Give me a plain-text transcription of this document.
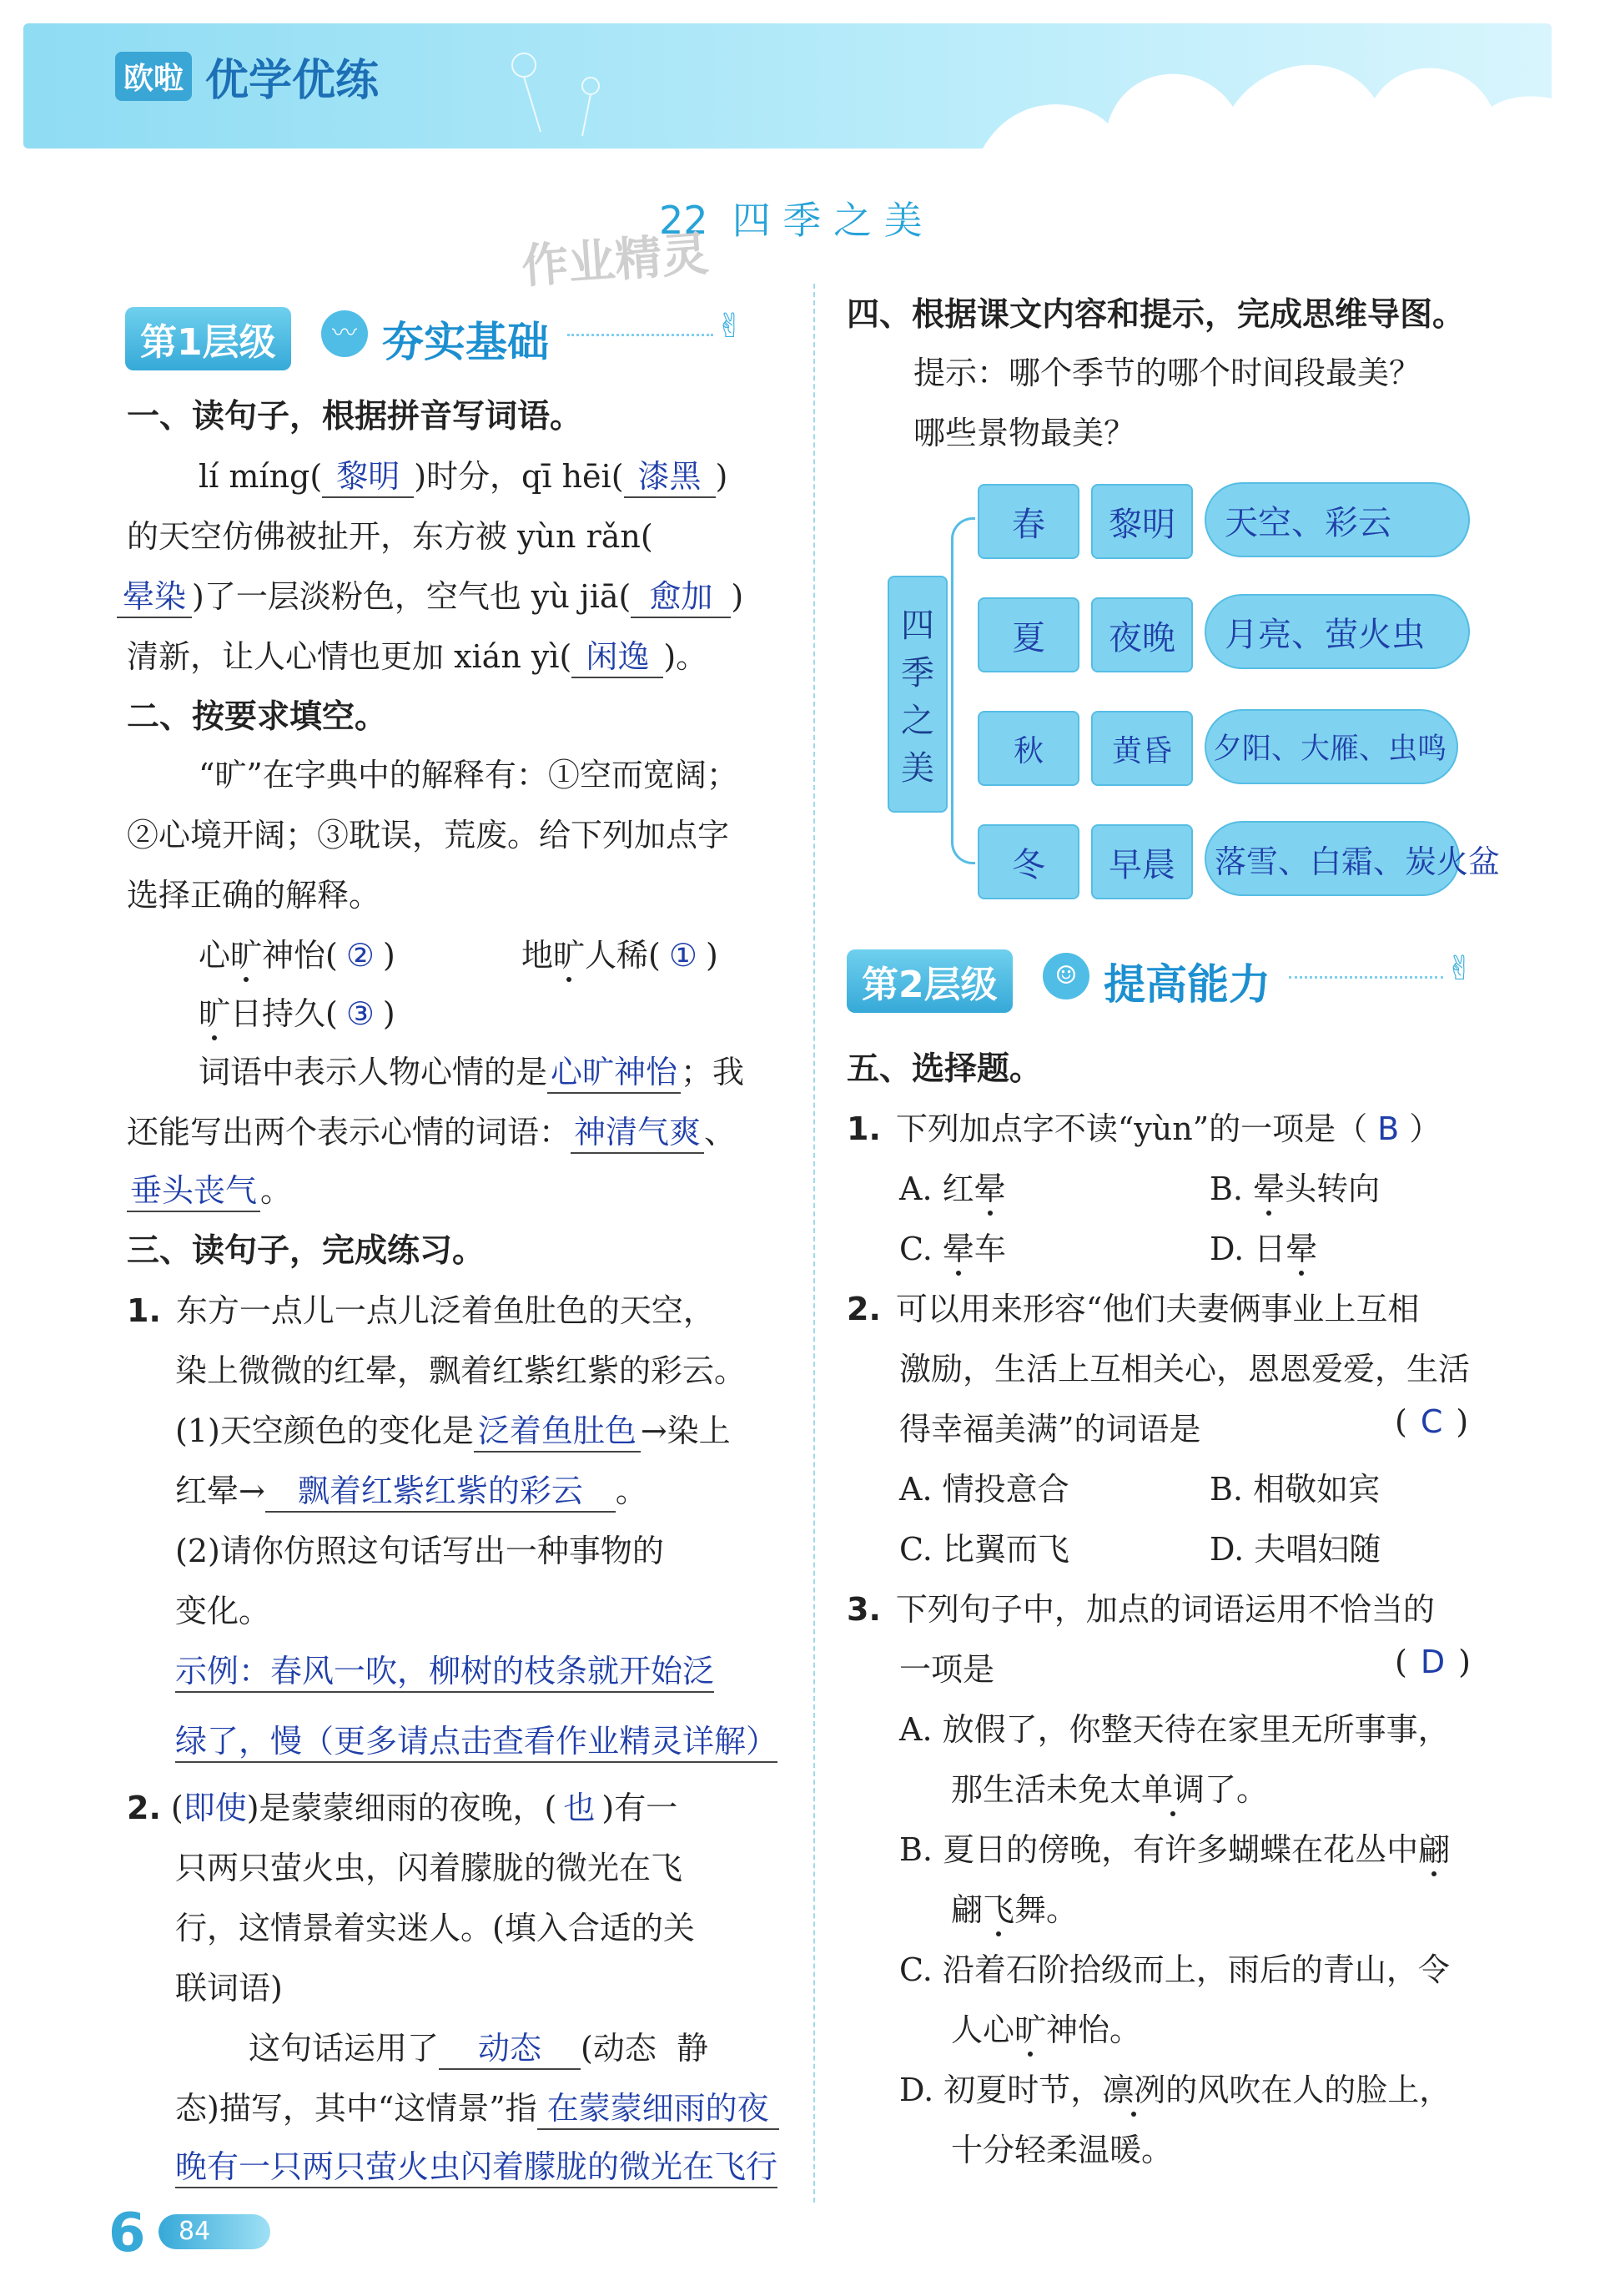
欧啦 优学优练
22  四 季 之 美
作业精灵
第1层级	〰 夯实基础	✌
一、读句子，根据拼音写词语。
lí míng( 黎明 )时分，qī hēi( 漆黑 )
的天空仿佛被扯开，东方被 yùn rǎn(
晕染 )了一层淡粉色，空气也 yù jiā( 愈加 )
清新，让人心情也更加 xián yì( 闲逸 )。
二、按要求填空。
“旷”在字典中的解释有：①空而宽阔；
②心境开阔；③耽误，荒废。给下列加点字
选择正确的解释。
心旷神怡( ② )	地旷人稀( ① )
旷日持久( ③ )
词语中表示人物心情的是 心旷神怡 ；我
还能写出两个表示心情的词语： 神清气爽 、
垂头丧气 。
三、读句子，完成练习。
1. 东方一点儿一点儿泛着鱼肚色的天空，
染上微微的红晕，飘着红紫红紫的彩云。
(1)天空颜色的变化是 泛着鱼肚色 →染上
红晕→ 飘着红紫红紫的彩云 。
(2)请你仿照这句话写出一种事物的
变化。
示例：春风一吹，柳树的枝条就开始泛
绿了，慢（更多请点击查看作业精灵详解）
2. (即使)是蒙蒙细雨的夜晚，( 也 )有一
只两只萤火虫，闪着朦胧的微光在飞
行，这情景着实迷人。(填入合适的关
联词语)
这句话运用了 动态 (动态  静
态)描写，其中“这情景”指 在蒙蒙细雨的夜
晚有一只两只萤火虫闪着朦胧的微光在飞行
四、根据课文内容和提示，完成思维导图。
提示：哪个季节的哪个时间段最美？
哪些景物最美？
四
季
之
美
春	黎明	天空、彩云
夏	夜晚	月亮、萤火虫
秋	黄昏	夕阳、大雁、虫鸣
冬	早晨	落雪、白霜、炭火盆
第2层级	☺ 提高能力	✌
五、选择题。
1. 下列加点字不读“yùn”的一项是（ B ）
A. 红晕	B. 晕头转向
C. 晕车	D. 日晕
2. 可以用来形容“他们夫妻俩事业上互相
激励，生活上互相关心，恩恩爱爱，生活
得幸福美满”的词语是	( C )
A. 情投意合	B. 相敬如宾
C. 比翼而飞	D. 夫唱妇随
3. 下列句子中，加点的词语运用不恰当的
一项是	( D )
A. 放假了，你整天待在家里无所事事，
那生活未免太单调了。
B. 夏日的傍晚，有许多蝴蝶在花丛中翩
翩飞舞。
C. 沿着石阶拾级而上，雨后的青山，令
人心旷神怡。
D. 初夏时节，凛冽的风吹在人的脸上，
十分轻柔温暖。
6	84
